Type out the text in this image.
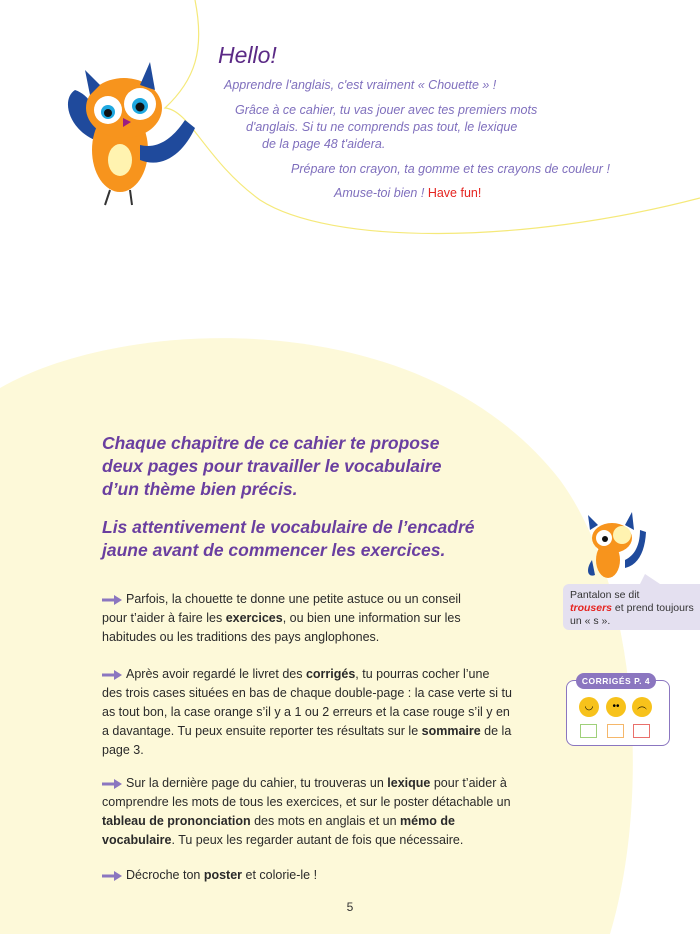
Hello!
Apprendre l'anglais, c'est vraiment « Chouette » !
Grâce à ce cahier, tu vas jouer avec tes premiers mots
d'anglais. Si tu ne comprends pas tout, le lexique
de la page 48 t'aidera.
Prépare ton crayon, ta gomme et tes crayons de couleur !
Amuse-toi bien ! Have fun!
Chaque chapitre de ce cahier te propose
deux pages pour travailler le vocabulaire
d’un thème bien précis.
Lis attentivement le vocabulaire de l’encadré
jaune avant de commencer les exercices.
Parfois, la chouette te donne une petite astuce ou un conseil pour t’aider à faire les exercices, ou bien une information sur les habitudes ou les traditions des pays anglophones.
Après avoir regardé le livret des corrigés, tu pourras cocher l’une des trois cases situées en bas de chaque double-page : la case verte si tu as tout bon, la case orange s’il y a 1 ou 2 erreurs et la case rouge s’il y en a davantage. Tu peux ensuite reporter tes résultats sur le sommaire de la page 3.
Sur la dernière page du cahier, tu trouveras un lexique pour t’aider à comprendre les mots de tous les exercices, et sur le poster détachable un tableau de prononciation des mots en anglais et un mémo de vocabulaire. Tu peux les regarder autant de fois que nécessaire.
Décroche ton poster et colorie-le !
Pantalon se dit
trousers et prend toujours un « s ».
CORRIGÉS P. 4
◡	••	︵
5
